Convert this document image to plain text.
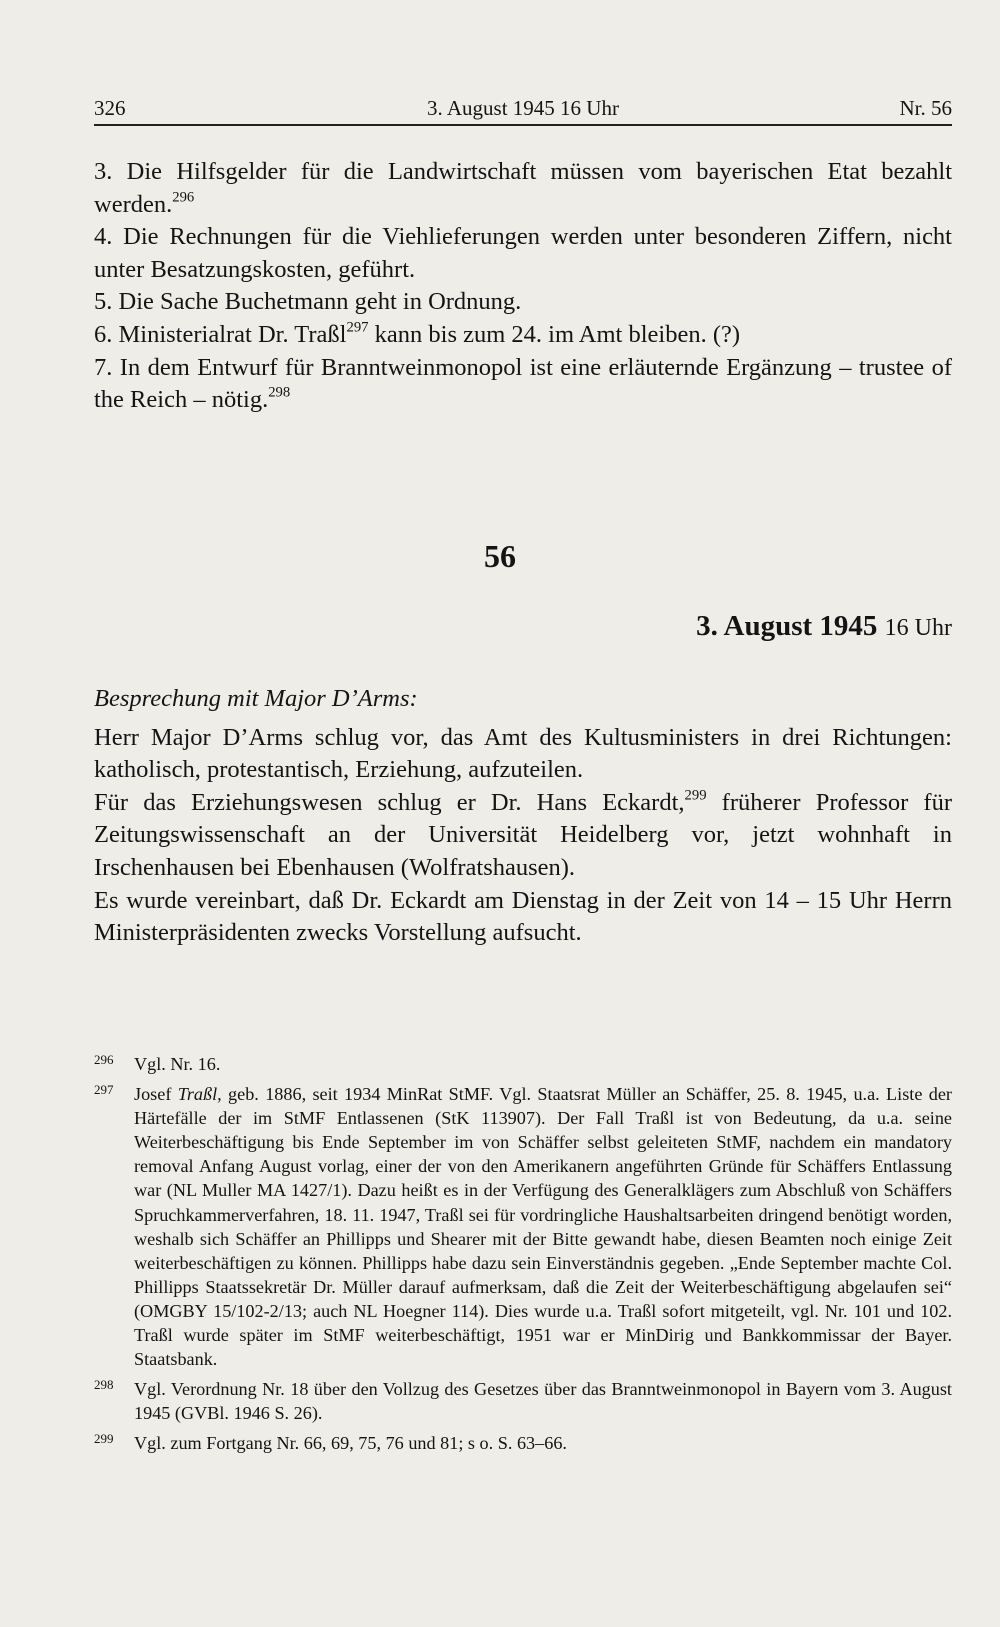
326	3. August 1945 16 Uhr	Nr. 56

3. Die Hilfsgelder für die Landwirtschaft müssen vom bayerischen Etat bezahlt werden.$^{296}$

4. Die Rechnungen für die Viehlieferungen werden unter besonderen Ziffern, nicht unter Besatzungskosten, geführt.

5. Die Sache Buchetmann geht in Ordnung.

6. Ministerialrat Dr. Traßl$^{297}$ kann bis zum 24. im Amt bleiben. (?)

7. In dem Entwurf für Branntweinmonopol ist eine erläuternde Ergänzung – trustee of the Reich – nötig.$^{298}$

56
3. August 1945 16 Uhr

Besprechung mit Major D’Arms:

Herr Major D’Arms schlug vor, das Amt des Kultusministers in drei Richtungen: katholisch, protestantisch, Erziehung, aufzuteilen.

Für das Erziehungswesen schlug er Dr. Hans Eckardt,$^{299}$ früherer Professor für Zeitungswissenschaft an der Universität Heidelberg vor, jetzt wohnhaft in Irschenhausen bei Ebenhausen (Wolfratshausen).

Es wurde vereinbart, daß Dr. Eckardt am Dienstag in der Zeit von 14 – 15 Uhr Herrn Ministerpräsidenten zwecks Vorstellung aufsucht.

296 Vgl. Nr. 16.
297 Josef Traßl, geb. 1886, seit 1934 MinRat StMF. Vgl. Staatsrat Müller an Schäffer, 25. 8. 1945, u.a. Liste der Härtefälle der im StMF Entlassenen (StK 113907). Der Fall Traßl ist von Bedeutung, da u.a. seine Weiterbeschäftigung bis Ende September im von Schäffer selbst geleiteten StMF, nachdem ein mandatory removal Anfang August vorlag, einer der von den Amerikanern angeführten Gründe für Schäffers Entlassung war (NL Muller MA 1427/1). Dazu heißt es in der Verfügung des Generalklägers zum Abschluß von Schäffers Spruchkammerverfahren, 18. 11. 1947, Traßl sei für vordringliche Haushaltsarbeiten dringend benötigt worden, weshalb sich Schäffer an Phillipps und Shearer mit der Bitte gewandt habe, diesen Beamten noch einige Zeit weiterbeschäftigen zu können. Phillipps habe dazu sein Einverständnis gegeben. „Ende September machte Col. Phillipps Staatssekretär Dr. Müller darauf aufmerksam, daß die Zeit der Weiterbeschäftigung abgelaufen sei“ (OMGBY 15/102-2/13; auch NL Hoegner 114). Dies wurde u.a. Traßl sofort mitgeteilt, vgl. Nr. 101 und 102. Traßl wurde später im StMF weiterbeschäftigt, 1951 war er MinDirig und Bankkommissar der Bayer. Staatsbank.
298 Vgl. Verordnung Nr. 18 über den Vollzug des Gesetzes über das Branntweinmonopol in Bayern vom 3. August 1945 (GVBl. 1946 S. 26).
299 Vgl. zum Fortgang Nr. 66, 69, 75, 76 und 81; s o. S. 63–66.
